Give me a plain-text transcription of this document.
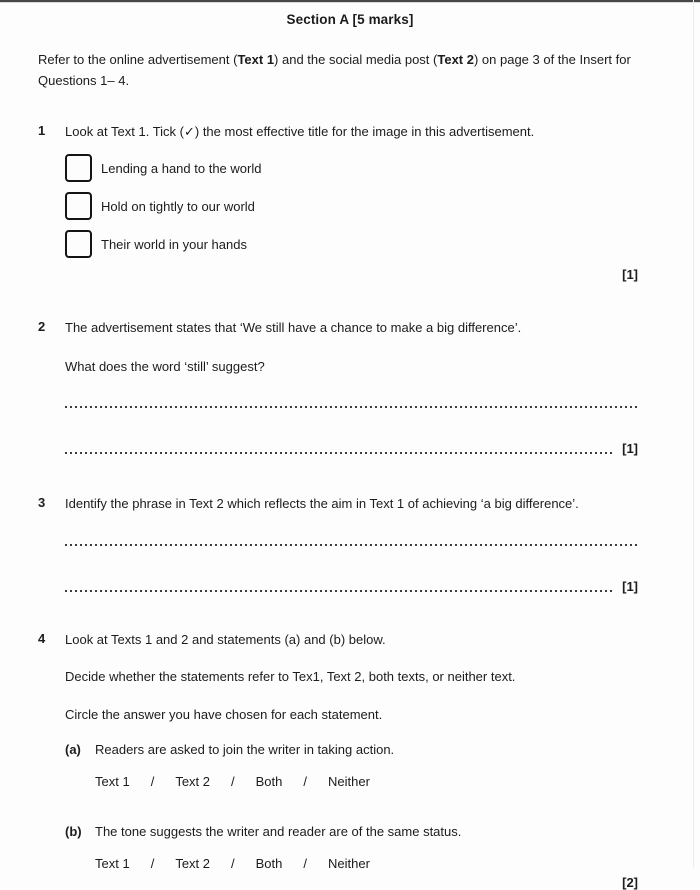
Section A [5 marks]

Refer to the online advertisement (Text 1) and the social media post (Text 2) on page 3 of the Insert for Questions 1– 4.

1	Look at Text 1. Tick (✓) the most effective title for the image in this advertisement.
Lending a hand to the world
Hold on tightly to our world
Their world in your hands
[1]
2	The advertisement states that ‘We still have a chance to make a big difference’.
What does the word ‘still’ suggest?
[1]
3	Identify the phrase in Text 2 which reflects the aim in Text 1 of achieving ‘a big difference’.
[1]
4	Look at Texts 1 and 2 and statements (a) and (b) below.
Decide whether the statements refer to Tex1, Text 2, both texts, or neither text.
Circle the answer you have chosen for each statement.
(a)	Readers are asked to join the writer in taking action.
Text 1 / Text 2 / Both / Neither
(b)	The tone suggests the writer and reader are of the same status.
Text 1 / Text 2 / Both / Neither
[2]
